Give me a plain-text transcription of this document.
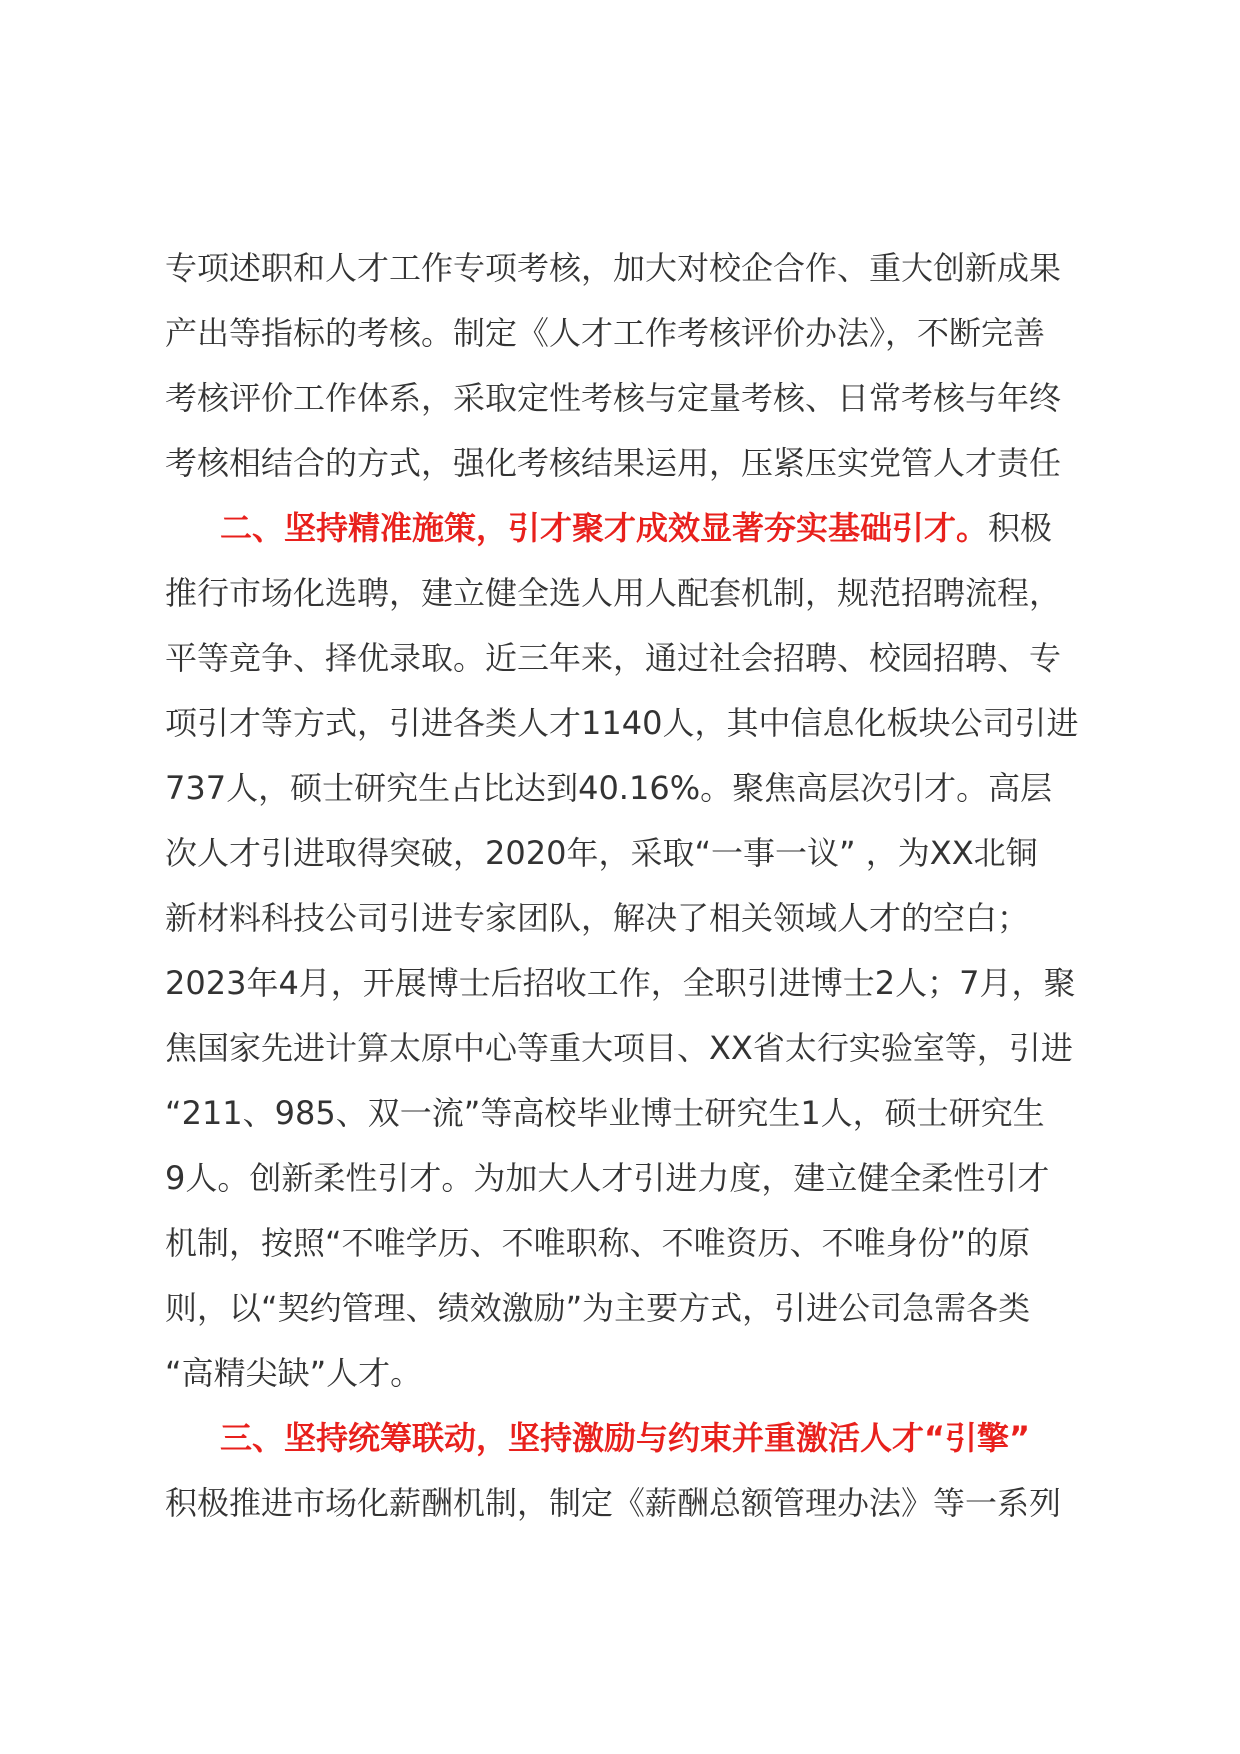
专项述职和人才工作专项考核，加大对校企合作、重大创新成果
产出等指标的考核。制定《人才工作考核评价办法》，不断完善
考核评价工作体系，采取定性考核与定量考核、日常考核与年终
考核相结合的方式，强化考核结果运用，压紧压实党管人才责任
二、坚持精准施策，引才聚才成效显著夯实基础引才。积极
推行市场化选聘，建立健全选人用人配套机制，规范招聘流程，
平等竞争、择优录取。近三年来，通过社会招聘、校园招聘、专
项引才等方式，引进各类人才1140人，其中信息化板块公司引进
737人，硕士研究生占比达到40.16%。聚焦高层次引才。高层
次人才引进取得突破，2020年，采取“一事一议” ，为XX北铜
新材料科技公司引进专家团队，解决了相关领域人才的空白；
2023年4月，开展博士后招收工作，全职引进博士2人；7月，聚
焦国家先进计算太原中心等重大项目、XX省太行实验室等，引进
“211、985、双一流”等高校毕业博士研究生1人，硕士研究生
9人。创新柔性引才。为加大人才引进力度，建立健全柔性引才
机制，按照“不唯学历、不唯职称、不唯资历、不唯身份”的原
则，以“契约管理、绩效激励”为主要方式，引进公司急需各类
“高精尖缺”人才。
三、坚持统筹联动，坚持激励与约束并重激活人才“引擎”
积极推进市场化薪酬机制，制定《薪酬总额管理办法》等一系列
